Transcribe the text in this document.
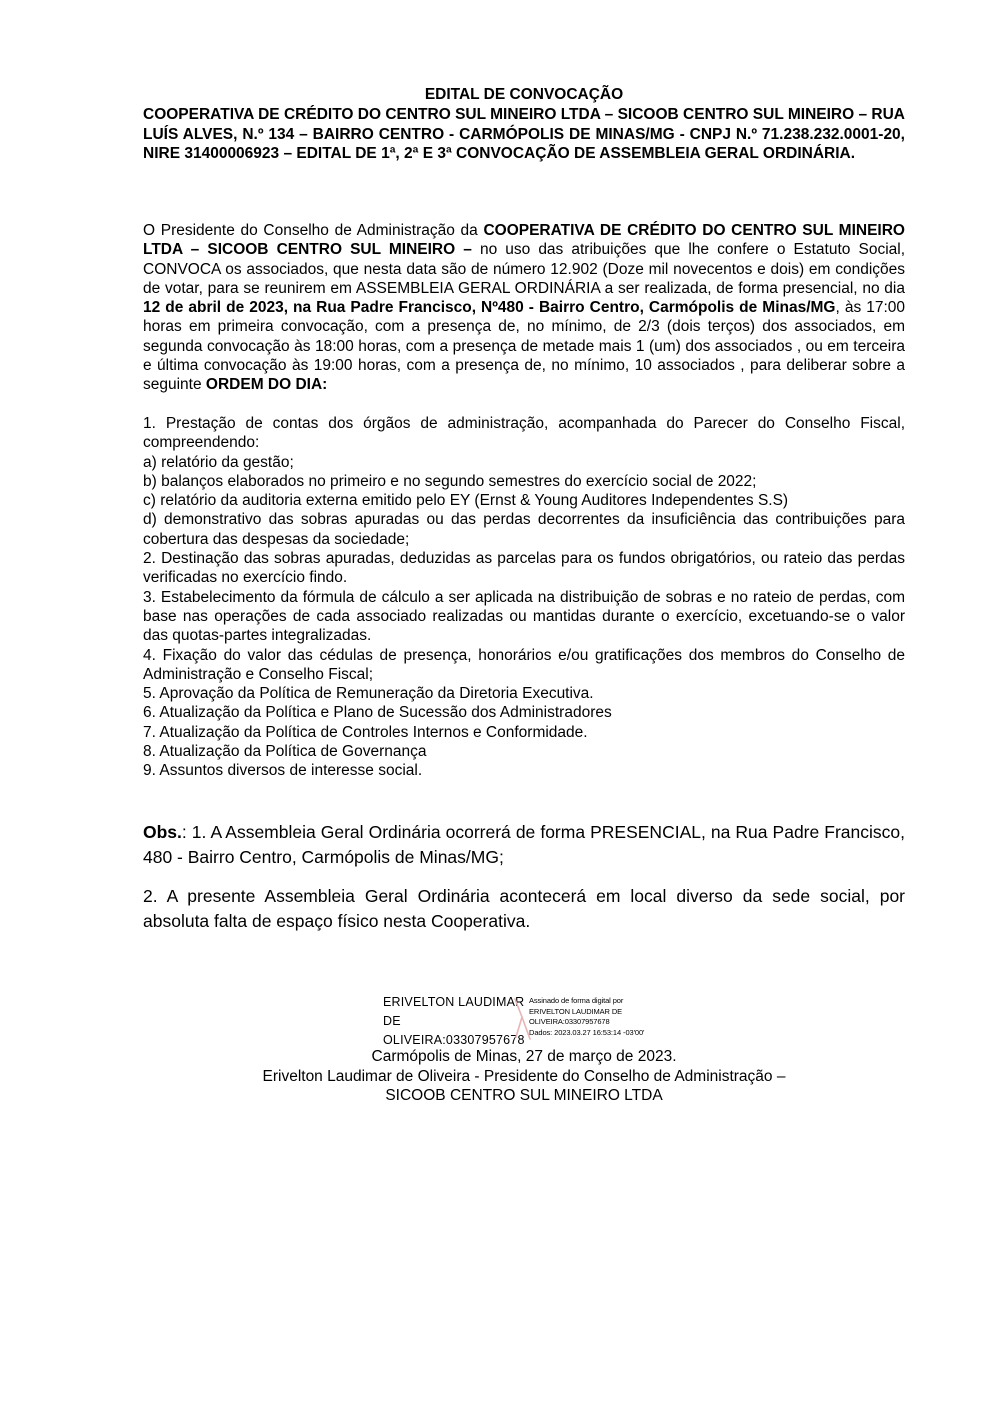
EDITAL DE CONVOCAÇÃO
COOPERATIVA DE CRÉDITO DO CENTRO SUL MINEIRO LTDA – SICOOB CENTRO SUL MINEIRO – RUA LUÍS ALVES, N.º 134 – BAIRRO CENTRO - CARMÓPOLIS DE MINAS/MG - CNPJ N.º 71.238.232.0001-20, NIRE 31400006923 – EDITAL DE 1ª, 2ª E 3ª CONVOCAÇÃO DE ASSEMBLEIA GERAL ORDINÁRIA.
O Presidente do Conselho de Administração da COOPERATIVA DE CRÉDITO DO CENTRO SUL MINEIRO LTDA – SICOOB CENTRO SUL MINEIRO – no uso das atribuições que lhe confere o Estatuto Social, CONVOCA os associados, que nesta data são de número 12.902 (Doze mil novecentos e dois) em condições de votar, para se reunirem em ASSEMBLEIA GERAL ORDINÁRIA a ser realizada, de forma presencial, no dia 12 de abril de 2023, na Rua Padre Francisco, Nº480 - Bairro Centro, Carmópolis de Minas/MG, às 17:00 horas em primeira convocação, com a presença de, no mínimo, de 2/3 (dois terços) dos associados, em segunda convocação às 18:00 horas, com a presença de metade mais 1 (um) dos associados , ou em terceira e última convocação às 19:00 horas, com a presença de, no mínimo, 10 associados , para deliberar sobre a seguinte ORDEM DO DIA:

1. Prestação de contas dos órgãos de administração, acompanhada do Parecer do Conselho Fiscal, compreendendo:

a) relatório da gestão;

b) balanços elaborados no primeiro e no segundo semestres do exercício social de 2022;

c) relatório da auditoria externa emitido pelo EY (Ernst & Young Auditores Independentes S.S)

d) demonstrativo das sobras apuradas ou das perdas decorrentes da insuficiência das contribuições para cobertura das despesas da sociedade;

2. Destinação das sobras apuradas, deduzidas as parcelas para os fundos obrigatórios, ou rateio das perdas verificadas no exercício findo.

3. Estabelecimento da fórmula de cálculo a ser aplicada na distribuição de sobras e no rateio de perdas, com base nas operações de cada associado realizadas ou mantidas durante o exercício, excetuando-se o valor das quotas-partes integralizadas.

4. Fixação do valor das cédulas de presença, honorários e/ou gratificações dos membros do Conselho de Administração e Conselho Fiscal;

5. Aprovação da Política de Remuneração da Diretoria Executiva.

6. Atualização da Política e Plano de Sucessão dos Administradores

7. Atualização da Política de Controles Internos e Conformidade.

8. Atualização da Política de Governança

9. Assuntos diversos de interesse social.

Obs.: 1. A Assembleia Geral Ordinária ocorrerá de forma PRESENCIAL, na Rua Padre Francisco, 480 - Bairro Centro, Carmópolis de Minas/MG;

2. A presente Assembleia Geral Ordinária acontecerá em local diverso da sede social, por absoluta falta de espaço físico nesta Cooperativa.

ERIVELTON LAUDIMAR
DE
OLIVEIRA:03307957678
Assinado de forma digital por
ERIVELTON LAUDIMAR DE
OLIVEIRA:03307957678
Dados: 2023.03.27 16:53:14 -03'00'
Carmópolis de Minas, 27 de março de 2023.
Erivelton Laudimar de Oliveira - Presidente do Conselho de Administração –
SICOOB CENTRO SUL MINEIRO LTDA
